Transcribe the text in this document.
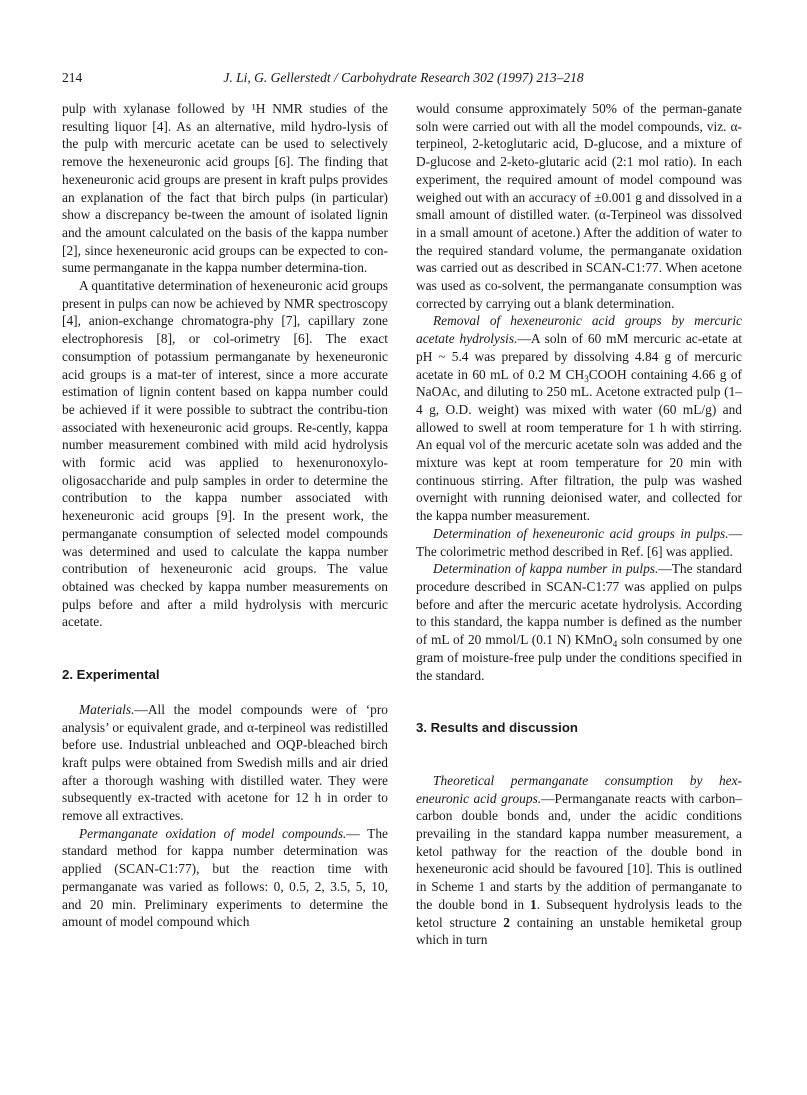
214	J. Li, G. Gellerstedt / Carbohydrate Research 302 (1997) 213–218

pulp with xylanase followed by ¹H NMR studies of the resulting liquor [4]. As an alternative, mild hydro-lysis of the pulp with mercuric acetate can be used to selectively remove the hexeneuronic acid groups [6]. The finding that hexeneuronic acid groups are present in kraft pulps provides an explanation of the fact that birch pulps (in particular) show a discrepancy be-tween the amount of isolated lignin and the amount calculated on the basis of the kappa number [2], since hexeneuronic acid groups can be expected to con-sume permanganate in the kappa number determina-tion.

A quantitative determination of hexeneuronic acid groups present in pulps can now be achieved by NMR spectroscopy [4], anion-exchange chromatogra-phy [7], capillary zone electrophoresis [8], or col-orimetry [6]. The exact consumption of potassium permanganate by hexeneuronic acid groups is a mat-ter of interest, since a more accurate estimation of lignin content based on kappa number could be achieved if it were possible to subtract the contribu-tion associated with hexeneuronic acid groups. Re-cently, kappa number measurement combined with mild acid hydrolysis with formic acid was applied to hexenuronoxylo-oligosaccharide and pulp samples in order to determine the contribution to the kappa number associated with hexeneuronic acid groups [9]. In the present work, the permanganate consumption of selected model compounds was determined and used to calculate the kappa number contribution of hexeneuronic acid groups. The value obtained was checked by kappa number measurements on pulps before and after a mild hydrolysis with mercuric acetate.

2. Experimental

Materials.—All the model compounds were of ‘pro analysis’ or equivalent grade, and α-terpineol was redistilled before use. Industrial unbleached and OQP-bleached birch kraft pulps were obtained from Swedish mills and air dried after a thorough washing with distilled water. They were subsequently ex-tracted with acetone for 12 h in order to remove all extractives.

Permanganate oxidation of model compounds.— The standard method for kappa number determination was applied (SCAN-C1:77), but the reaction time with permanganate was varied as follows: 0, 0.5, 2, 3.5, 5, 10, and 20 min. Preliminary experiments to determine the amount of model compound which

would consume approximately 50% of the perman-ganate soln were carried out with all the model compounds, viz. α-terpineol, 2-ketoglutaric acid, D-glucose, and a mixture of D-glucose and 2-keto-glutaric acid (2:1 mol ratio). In each experiment, the required amount of model compound was weighed out with an accuracy of ±0.001 g and dissolved in a small amount of distilled water. (α-Terpineol was dissolved in a small amount of acetone.) After the addition of water to the required standard volume, the permanganate oxidation was carried out as described in SCAN-C1:77. When acetone was used as co-solvent, the permanganate consumption was corrected by carrying out a blank determination.

Removal of hexeneuronic acid groups by mercuric acetate hydrolysis.—A soln of 60 mM mercuric ac-etate at pH ~ 5.4 was prepared by dissolving 4.84 g of mercuric acetate in 60 mL of 0.2 M $CH_3COOH$ containing 4.66 g of NaOAc, and diluting to 250 mL. Acetone extracted pulp (1–4 g, O.D. weight) was mixed with water (60 mL/g) and allowed to swell at room temperature for 1 h with stirring. An equal vol of the mercuric acetate soln was added and the mixture was kept at room temperature for 20 min with continuous stirring. After filtration, the pulp was washed overnight with running deionised water, and collected for the kappa number measurement.

Determination of hexeneuronic acid groups in pulps.—The colorimetric method described in Ref. [6] was applied.

Determination of kappa number in pulps.—The standard procedure described in SCAN-C1:77 was applied on pulps before and after the mercuric acetate hydrolysis. According to this standard, the kappa number is defined as the number of mL of 20 mmol/L (0.1 N) KMnO$_4$ soln consumed by one gram of moisture-free pulp under the conditions specified in the standard.

3. Results and discussion

Theoretical permanganate consumption by hex-eneuronic acid groups.—Permanganate reacts with carbon–carbon double bonds and, under the acidic conditions prevailing in the standard kappa number measurement, a ketol pathway for the reaction of the double bond in hexeneuronic acid should be favoured [10]. This is outlined in Scheme 1 and starts by the addition of permanganate to the double bond in 1. Subsequent hydrolysis leads to the ketol structure 2 containing an unstable hemiketal group which in turn
